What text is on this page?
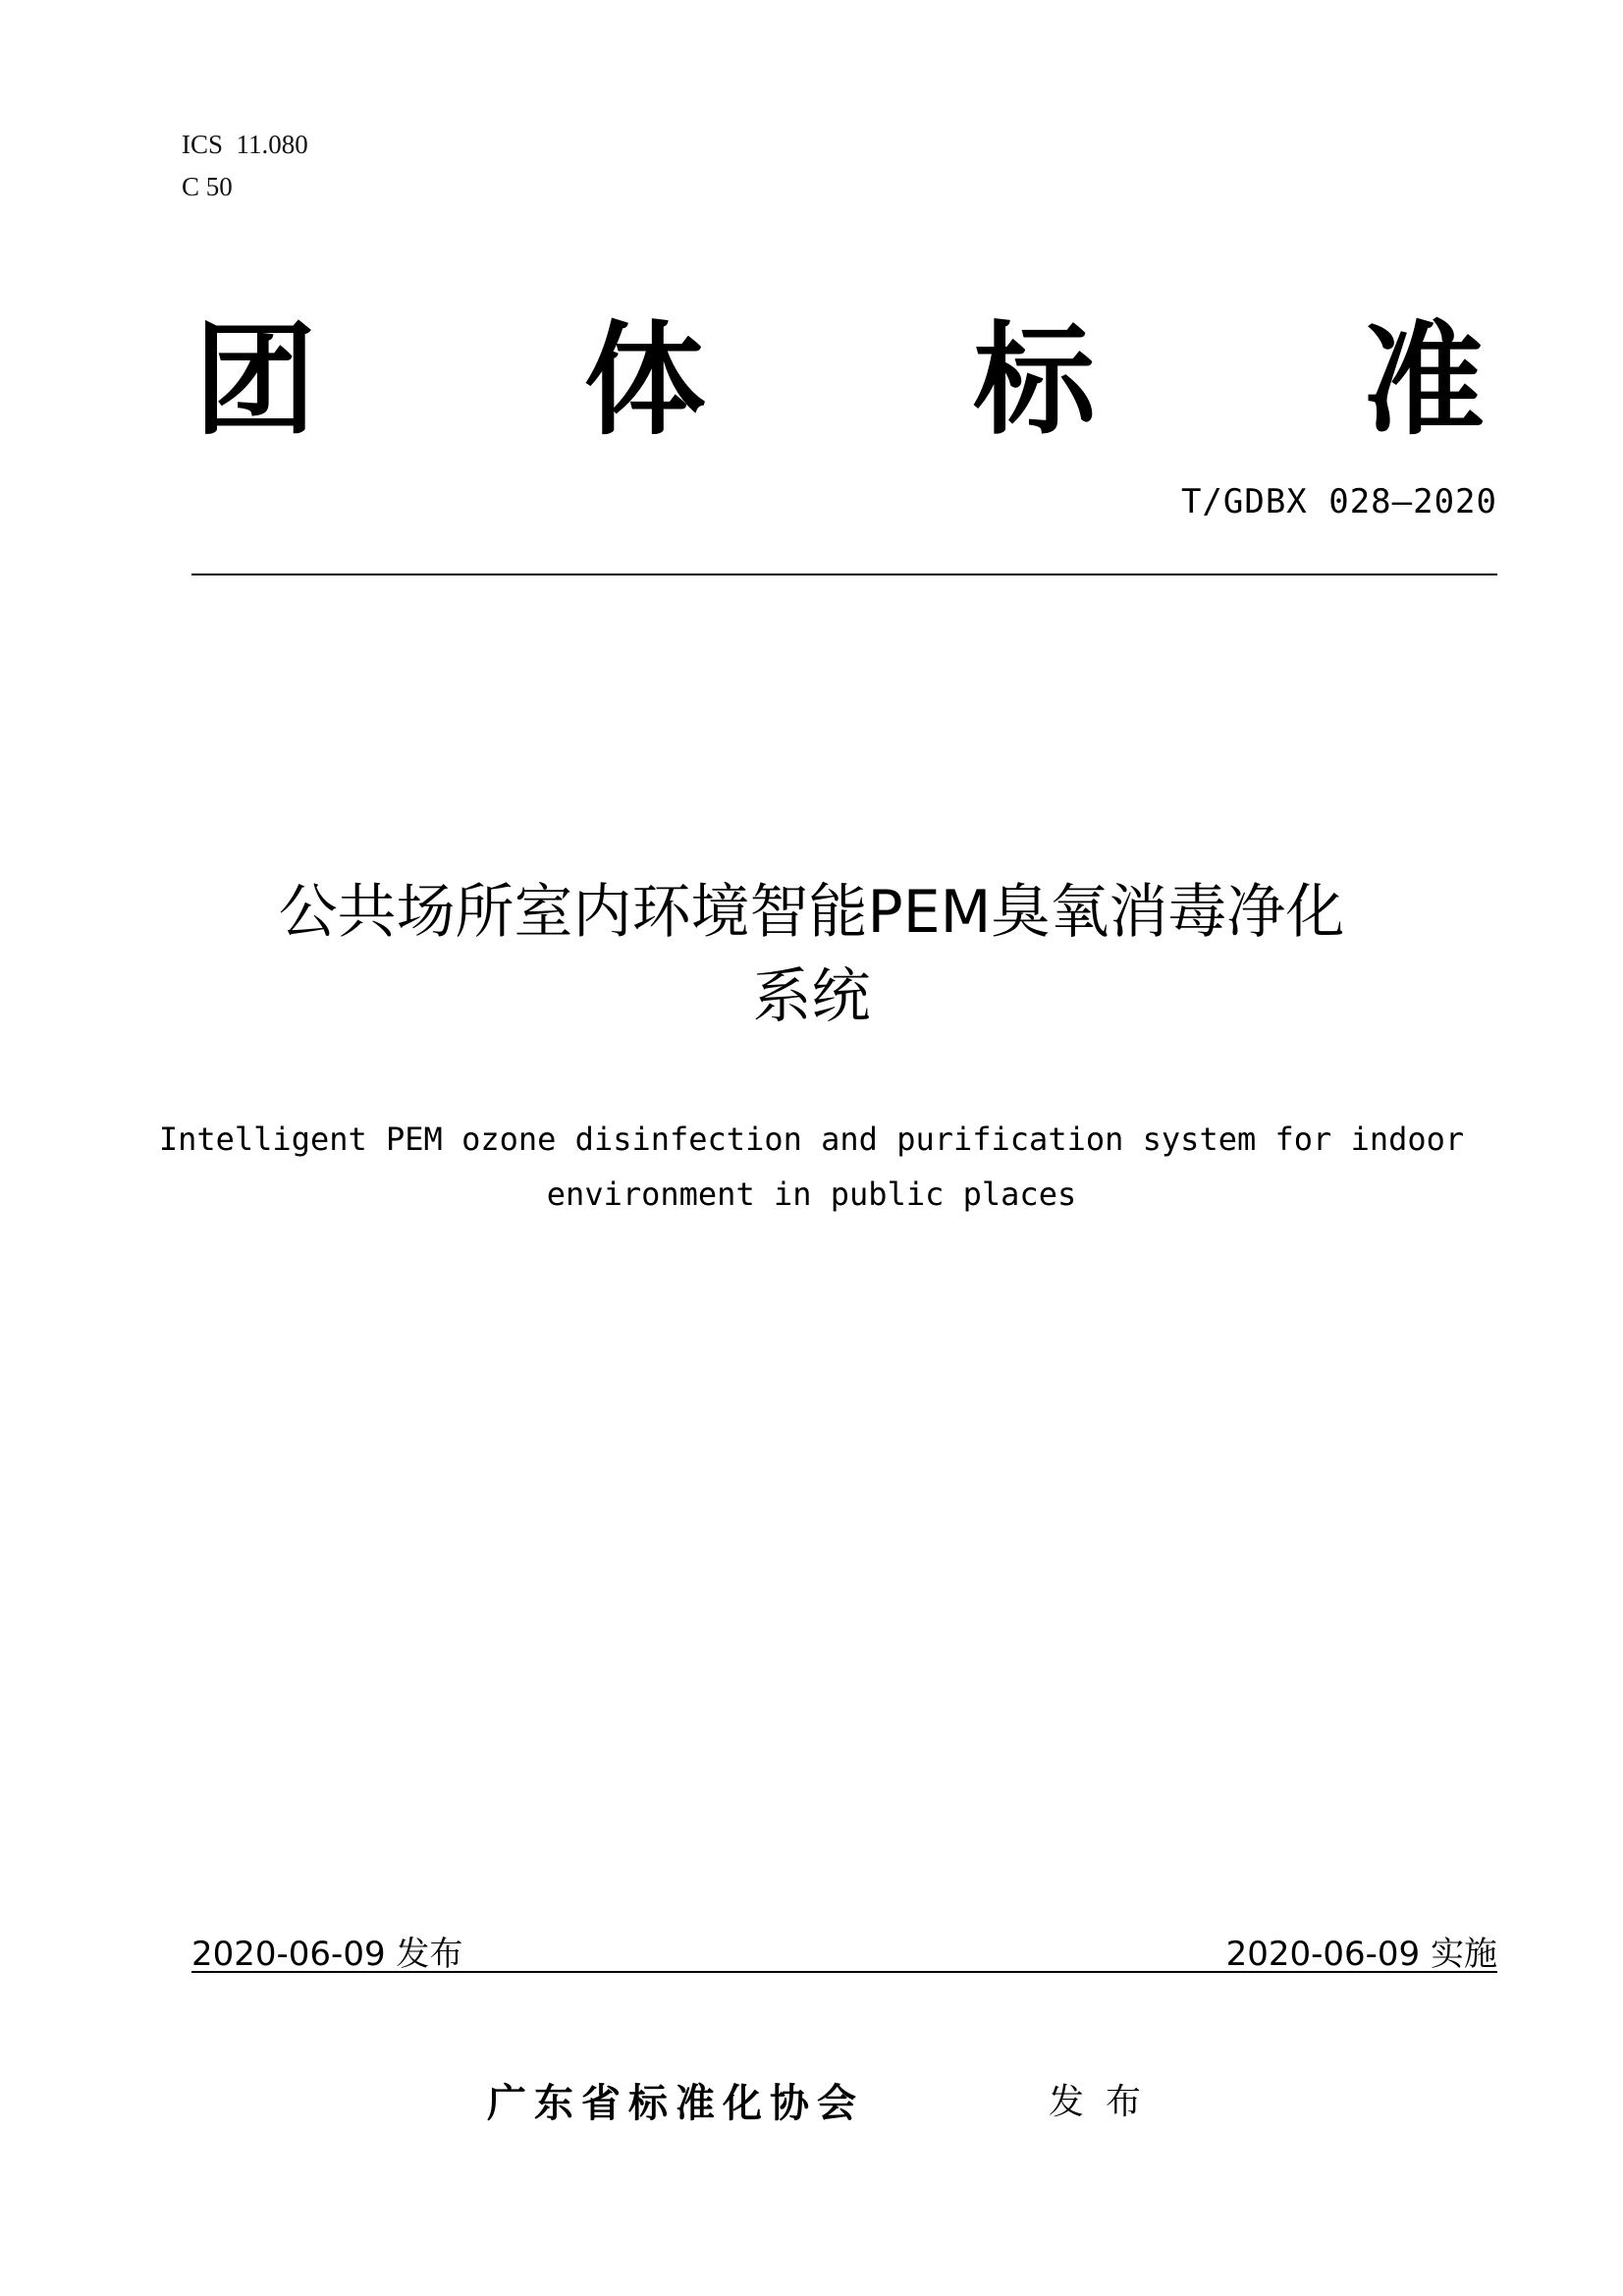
ICS  11.080
C 50
团 体 标 准
T/GDBX 028—2020
公共场所室内环境智能PEM臭氧消毒净化
系统
Intelligent PEM ozone disinfection and purification system for indoor
environment in public places
2020-06-09 发布	2020-06-09 实施
广东省标准化协会	发布
